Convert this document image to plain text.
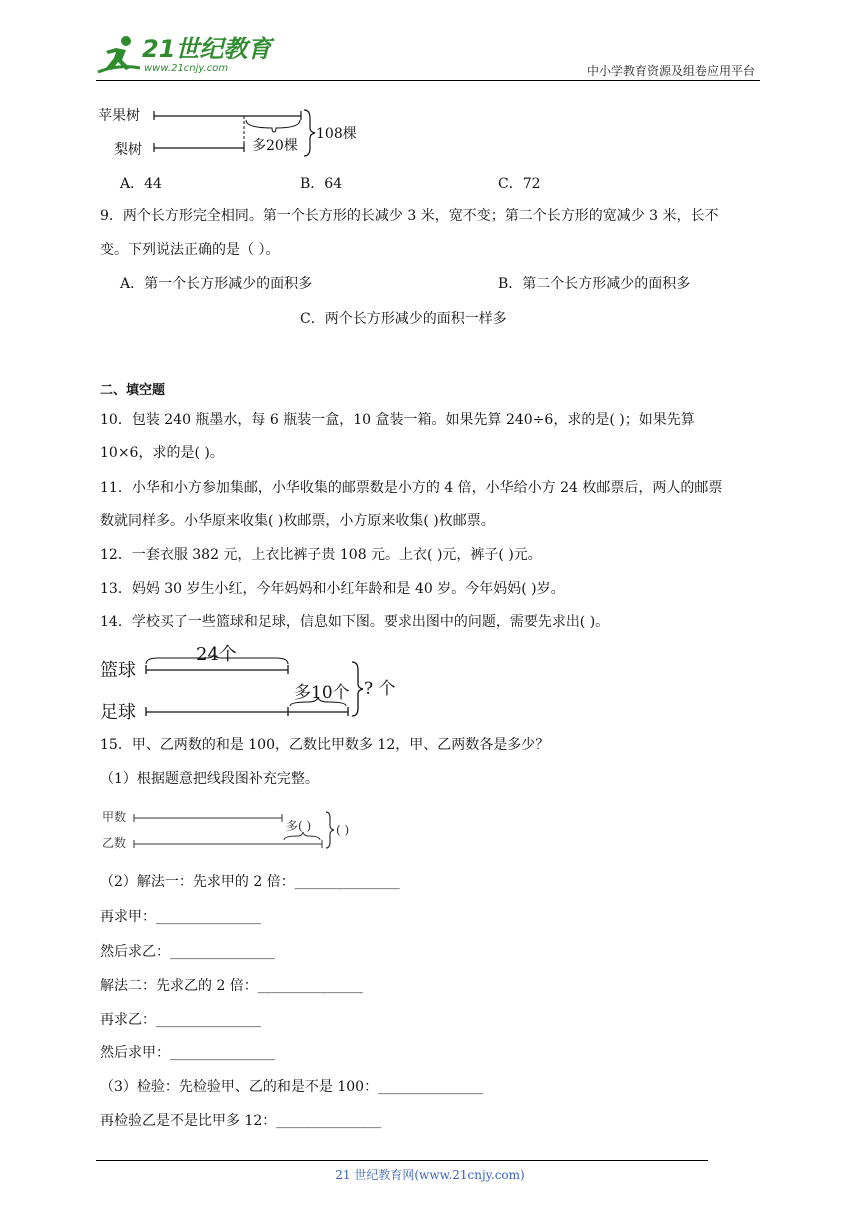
21世纪教育
www.21cnjy.com	中小学教育资源及组卷应用平台
苹果树
梨树	多20棵
108棵
A．44	B．64	C．72
9．两个长方形完全相同。第一个长方形的长减少 3 米，宽不变；第二个长方形的宽减少 3 米，长不
变。下列说法正确的是（ ）。
A．第一个长方形减少的面积多	B．第二个长方形减少的面积多
C．两个长方形减少的面积一样多
二、填空题
10．包装 240 瓶墨水，每 6 瓶装一盒，10 盒装一箱。如果先算 240÷6，求的是( )；如果先算
10×6，求的是( )。
11．小华和小方参加集邮，小华收集的邮票数是小方的 4 倍，小华给小方 24 枚邮票后，两人的邮票
数就同样多。小华原来收集( )枚邮票，小方原来收集( )枚邮票。
12．一套衣服 382 元，上衣比裤子贵 108 元。上衣( )元，裤子( )元。
13．妈妈 30 岁生小红，今年妈妈和小红年龄和是 40 岁。今年妈妈( )岁。
14．学校买了一些篮球和足球，信息如下图。要求出图中的问题，需要先求出( )。
篮球
足球
24个
多10个 ? 个
15．甲、乙两数的和是 100，乙数比甲数多 12，甲、乙两数各是多少？
（1）根据题意把线段图补充完整。
甲数
乙数
多( ) ( )
（2）解法一：先求甲的 2 倍：_______________
再求甲：_______________
然后求乙：_______________
解法二：先求乙的 2 倍：_______________
再求乙：_______________
然后求甲：_______________
（3）检验：先检验甲、乙的和是不是 100：_______________
再检验乙是不是比甲多 12：_______________
21 世纪教育网(www.21cnjy.com)
